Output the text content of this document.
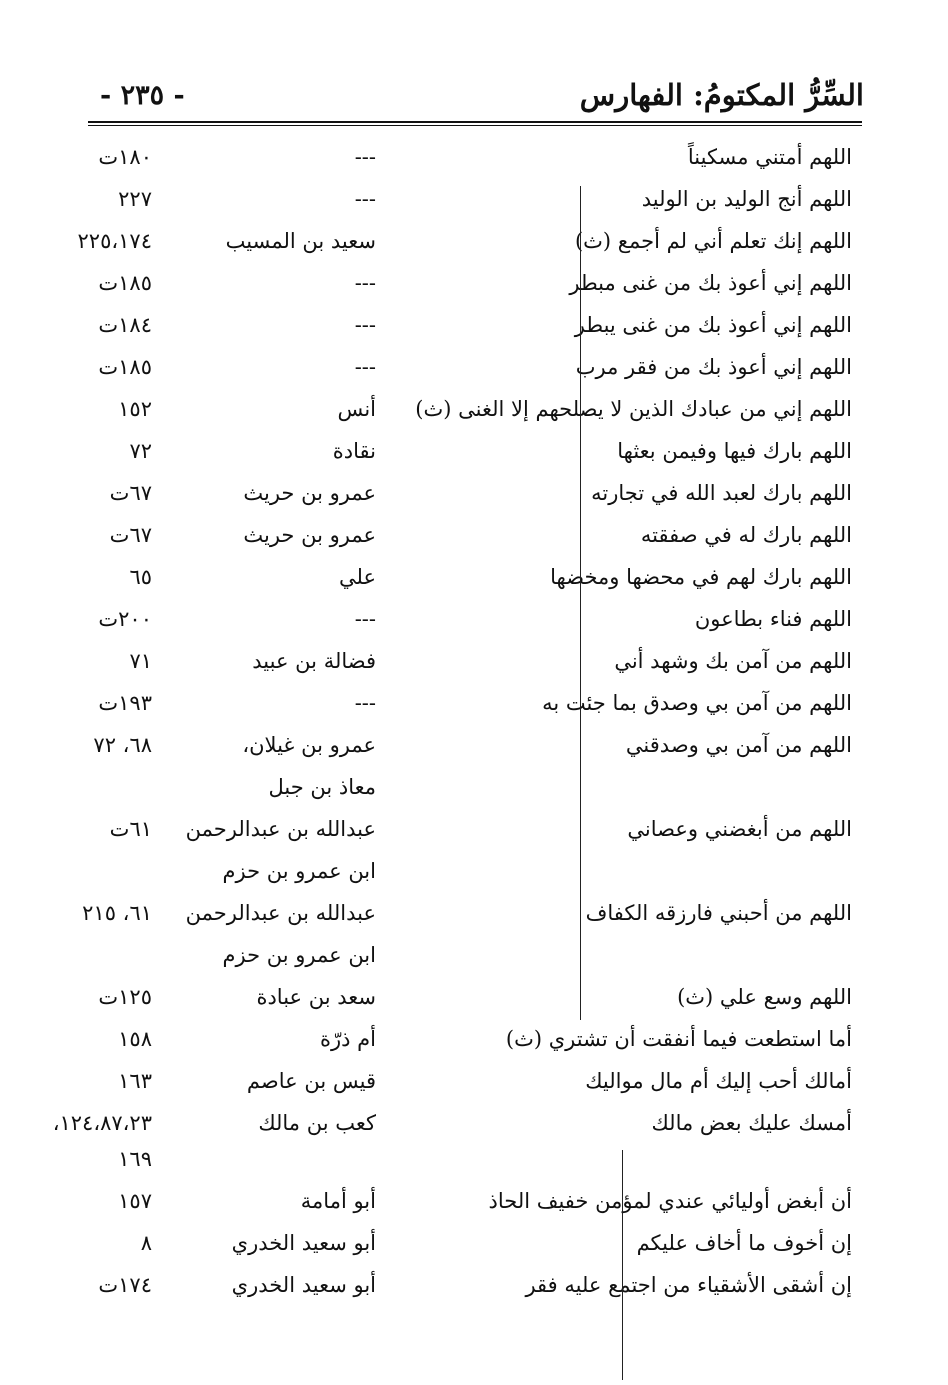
السِّرُّ المكتومُ: الفهارس
- ٢٣٥ -
اللهم أمتني مسكيناً
---
١٨٠ت
اللهم أنج الوليد بن الوليد
---
٢٢٧
اللهم إنك تعلم أني لم أجمع (ث)
سعيد بن المسيب
٢٢٥،١٧٤
اللهم إني أعوذ بك من غنى مبطر
---
١٨٥ت
اللهم إني أعوذ بك من غنى يبطر
---
١٨٤ت
اللهم إني أعوذ بك من فقر مرب
---
١٨٥ت
اللهم إني من عبادك الذين لا يصلحهم إلا الغنى (ث)
أنس
١٥٢
اللهم بارك فيها وفيمن بعثها
نقادة
٧٢
اللهم بارك لعبد الله في تجارته
عمرو بن حريث
٦٧ت
اللهم بارك له في صفقته
عمرو بن حريث
٦٧ت
اللهم بارك لهم في محضها ومخضها
علي
٦٥
اللهم فناء بطاعون
---
٢٠٠ت
اللهم من آمن بك وشهد أني
فضالة بن عبيد
٧١
اللهم من آمن بي وصدق بما جئت به
---
١٩٣ت
اللهم من آمن بي وصدقني
عمرو بن غيلان،
٦٨، ٧٢
معاذ بن جبل
اللهم من أبغضني وعصاني
عبدالله بن عبدالرحمن
٦١ت
ابن عمرو بن حزم
اللهم من أحبني فارزقه الكفاف
عبدالله بن عبدالرحمن
٦١، ٢١٥
ابن عمرو بن حزم
اللهم وسع علي (ث)
سعد بن عبادة
١٢٥ت
أما استطعت فيما أنفقت أن تشتري (ث)
أم ذرّة
١٥٨
أمالك أحب إليك أم مال مواليك
قيس بن عاصم
١٦٣
أمسك عليك بعض مالك
كعب بن مالك
١٢٤،٨٧،٢٣،
١٦٩
أن أبغض أوليائي عندي لمؤمن خفيف الحاذ
أبو أمامة
١٥٧
إن أخوف ما أخاف عليكم
أبو سعيد الخدري
٨
إن أشقى الأشقياء من اجتمع عليه فقر
أبو سعيد الخدري
١٧٤ت
